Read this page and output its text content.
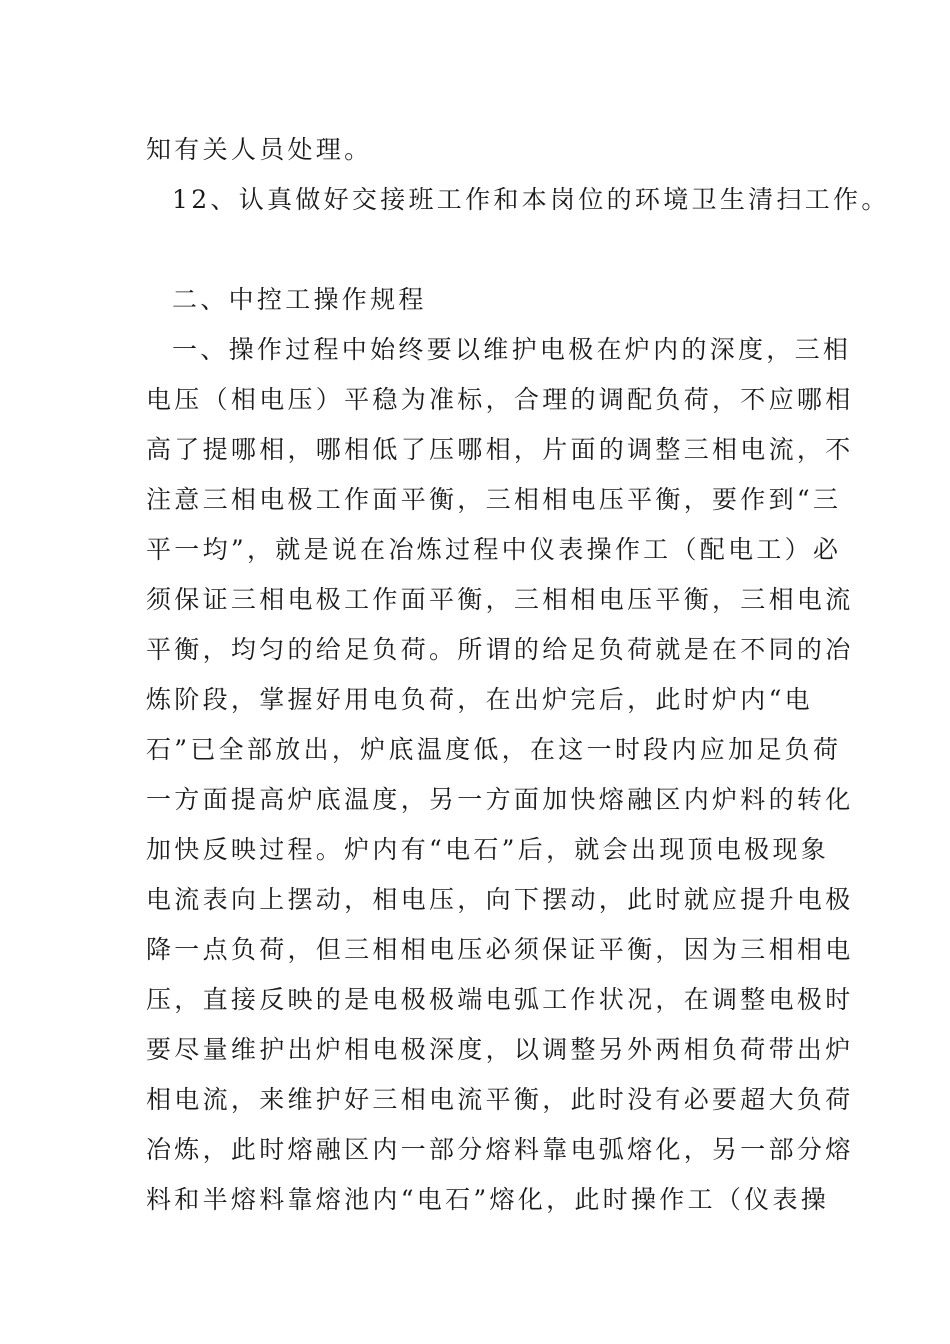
知有关人员处理。
12、认真做好交接班工作和本岗位的环境卫生清扫工作。
二、中控工操作规程
一、操作过程中始终要以维护电极在炉内的深度，三相
电压（相电压）平稳为准标，合理的调配负荷，不应哪相
高了提哪相，哪相低了压哪相，片面的调整三相电流，不
注意三相电极工作面平衡，三相相电压平衡，要作到“三
平一均”，就是说在冶炼过程中仪表操作工（配电工）必
须保证三相电极工作面平衡，三相相电压平衡，三相电流
平衡，均匀的给足负荷。所谓的给足负荷就是在不同的冶
炼阶段，掌握好用电负荷，在出炉完后，此时炉内“电
石”已全部放出，炉底温度低，在这一时段内应加足负荷
一方面提高炉底温度，另一方面加快熔融区内炉料的转化
加快反映过程。炉内有“电石”后，就会出现顶电极现象
电流表向上摆动，相电压，向下摆动，此时就应提升电极
降一点负荷，但三相相电压必须保证平衡，因为三相相电
压，直接反映的是电极极端电弧工作状况，在调整电极时
要尽量维护出炉相电极深度，以调整另外两相负荷带出炉
相电流，来维护好三相电流平衡，此时没有必要超大负荷
冶炼，此时熔融区内一部分熔料靠电弧熔化，另一部分熔
料和半熔料靠熔池内“电石”熔化，此时操作工（仪表操
